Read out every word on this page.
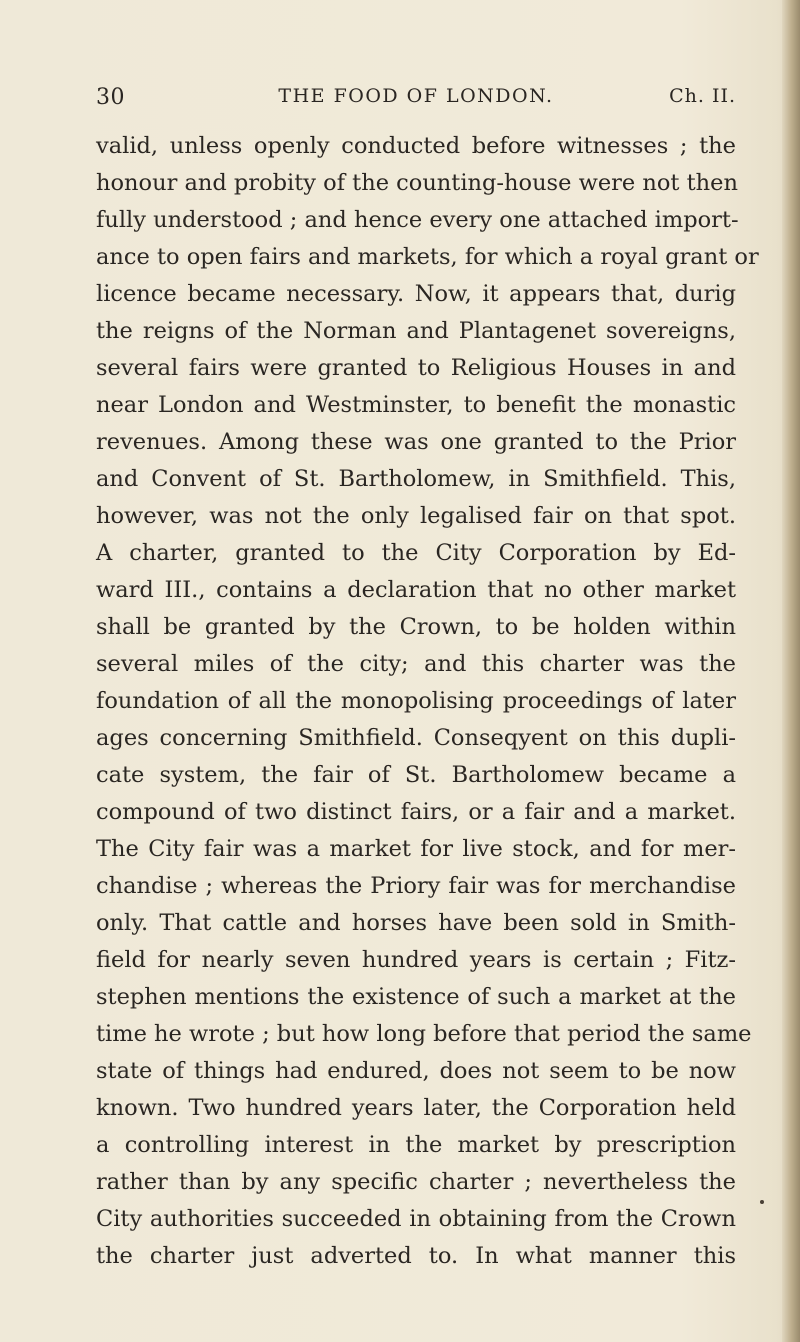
30	THE FOOD OF LONDON.	Ch. II.
valid, unless openly conducted before witnesses ; the
honour and probity of the counting-house were not then
fully understood ; and hence every one attached import-
ance to open fairs and markets, for which a royal grant or
licence became necessary. Now, it appears that, durig
the reigns of the Norman and Plantagenet sovereigns,
several fairs were granted to Religious Houses in and
near London and Westminster, to benefit the monastic
revenues. Among these was one granted to the Prior
and Convent of St. Bartholomew, in Smithfield. This,
however, was not the only legalised fair on that spot.
A charter, granted to the City Corporation by Ed-
ward III., contains a declaration that no other market
shall be granted by the Crown, to be holden within
several miles of the city; and this charter was the
foundation of all the monopolising proceedings of later
ages concerning Smithfield. Conseqyent on this dupli-
cate system, the fair of St. Bartholomew became a
compound of two distinct fairs, or a fair and a market.
The City fair was a market for live stock, and for mer-
chandise ; whereas the Priory fair was for merchandise
only. That cattle and horses have been sold in Smith-
field for nearly seven hundred years is certain ; Fitz-
stephen mentions the existence of such a market at the
time he wrote ; but how long before that period the same
state of things had endured, does not seem to be now
known. Two hundred years later, the Corporation held
a controlling interest in the market by prescription
rather than by any specific charter ; nevertheless the
City authorities succeeded in obtaining from the Crown
the charter just adverted to. In what manner this
